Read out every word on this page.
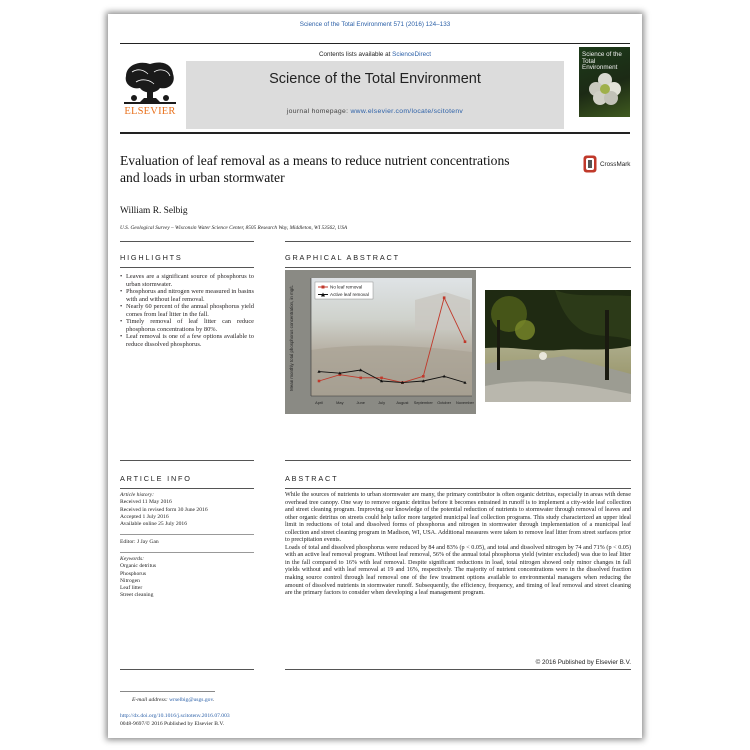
Science of the Total Environment 571 (2016) 124–133
ELSEVIER
Contents lists available at ScienceDirect
Science of the Total Environment
journal homepage: www.elsevier.com/locate/scitotenv
Science of the
Total Environment
Evaluation of leaf removal as a means to reduce nutrient concentrations
and loads in urban stormwater
CrossMark
William R. Selbig
U.S. Geological Survey – Wisconsin Water Science Center, 8505 Research Way, Middleton, WI 53562, USA
HIGHLIGHTS	GRAPHICAL ABSTRACT
• Leaves are a significant source of phosphorus to urban stormwater.
• Phosphorus and nitrogen were measured in basins with and without leaf removal.
• Nearly 60 percent of the annual phosphorus yield comes from leaf litter in the fall.
• Timely removal of leaf litter can reduce phosphorus concentrations by 80%.
• Leaf removal is one of a few options available to reduce dissolved phosphorus.
April	May	June	July	August September October November
Mean monthly total phosphorus concentration, in mg/L	No leaf removal
Active leaf removal
ARTICLE INFO	ABSTRACT
Article history:
Received 11 May 2016
Received in revised form 30 June 2016
Accepted 1 July 2016
Available online 25 July 2016
Editor: J Jay Gan
Keywords:
Organic detritus
Phosphorus
Nitrogen
Leaf litter
Street cleaning
While the sources of nutrients to urban stormwater are many, the primary contributor is often organic detritus, especially in areas with dense overhead tree canopy. One way to remove organic detritus before it becomes entrained in runoff is to implement a city-wide leaf collection and street cleaning program. Improving our knowledge of the potential reduction of nutrients to stormwater through removal of leaves and other organic detritus on streets could help tailor more targeted municipal leaf collection programs. This study characterized an upper ideal limit in reductions of total and dissolved forms of phosphorus and nitrogen in stormwater through implementation of a municipal leaf collection and street cleaning program in Madison, WI, USA. Additional measures were taken to remove leaf litter from street surfaces prior to precipitation events.
Loads of total and dissolved phosphorus were reduced by 84 and 83% (p < 0.05), and total and dissolved nitrogen by 74 and 71% (p < 0.05) with an active leaf removal program. Without leaf removal, 56% of the annual total phosphorus yield (winter excluded) was due to leaf litter in the fall compared to 16% with leaf removal. Despite significant reductions in load, total nitrogen showed only minor changes in fall yields without and with leaf removal at 19 and 16%, respectively. The majority of nutrient concentrations were in the dissolved fraction making source control through leaf removal one of the few treatment options available to environmental managers when reducing the amount of dissolved nutrients in stormwater runoff. Subsequently, the efficiency, frequency, and timing of leaf removal and street cleaning are the primary factors to consider when developing a leaf management program.
© 2016 Published by Elsevier B.V.
E-mail address: wrselbig@usgs.gov.
http://dx.doi.org/10.1016/j.scitotenv.2016.07.003
0048-9697/© 2016 Published by Elsevier B.V.
